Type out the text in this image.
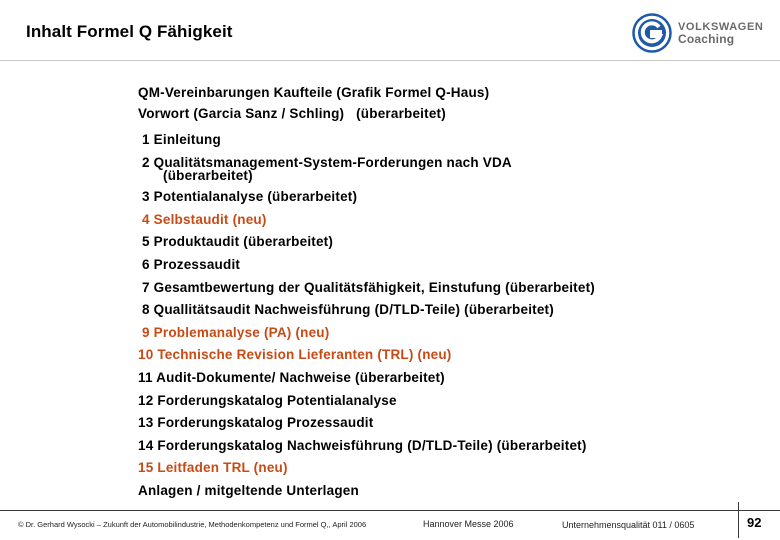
Inhalt Formel Q Fähigkeit	VOLKSWAGEN
Coaching
QM-Vereinbarungen Kaufteile (Grafik Formel Q-Haus)
Vorwort (Garcia Sanz / Schling) (überarbeitet)
1 Einleitung
2 Qualitätsmanagement-System-Forderungen nach VDA
(überarbeitet)
3 Potentialanalyse (überarbeitet)
4 Selbstaudit (neu)
5 Produktaudit (überarbeitet)
6 Prozessaudit
7 Gesamtbewertung der Qualitätsfähigkeit, Einstufung (überarbeitet)
8 Quallitätsaudit Nachweisführung (D/TLD-Teile) (überarbeitet)
9 Problemanalyse (PA) (neu)
10 Technische Revision Lieferanten (TRL) (neu)
11 Audit-Dokumente/ Nachweise (überarbeitet)
12 Forderungskatalog Potentialanalyse
13 Forderungskatalog Prozessaudit
14 Forderungskatalog Nachweisführung (D/TLD-Teile) (überarbeitet)
15 Leitfaden TRL (neu)
Anlagen / mitgeltende Unterlagen
© Dr. Gerhard Wysocki – Zukunft der Automobilindustrie, Methodenkompetenz und Formel Q,, April 2006	Hannover Messe 2006	Unternehmensqualität 011 / 0605	92
